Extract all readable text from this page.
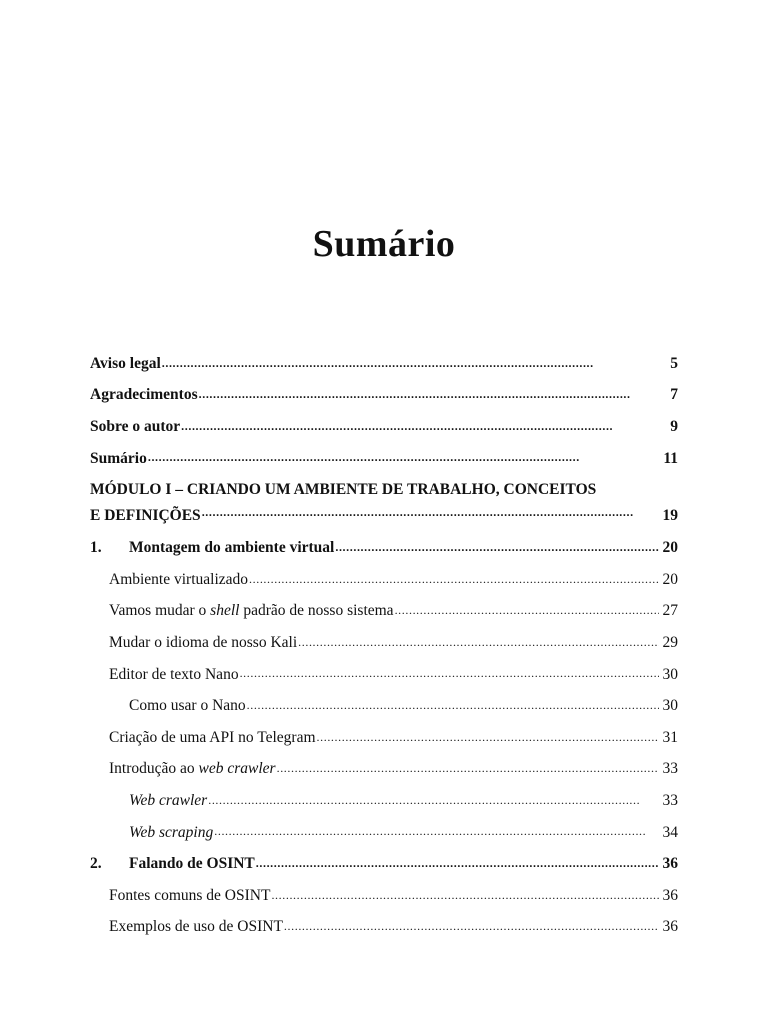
Sumário
Aviso legal . . .	5
Agradecimentos . . .	7
Sobre o autor . . .	9
Sumário . . .	11
MÓDULO I – CRIANDO UM AMBIENTE DE TRABALHO, CONCEITOS
E DEFINIÇÕES . . .	19
1.	Montagem do ambiente virtual . . .	20
Ambiente virtualizado . . .	20
Vamos mudar o shell padrão de nosso sistema . . .	27
Mudar o idioma de nosso Kali . . .	29
Editor de texto Nano . . .	30
Como usar o Nano . . .	30
Criação de uma API no Telegram . . .	31
Introdução ao web crawler . . .	33
Web crawler . . .	33
Web scraping . . .	34
2.	Falando de OSINT . . .	36
Fontes comuns de OSINT . . .	36
Exemplos de uso de OSINT . . .	36
